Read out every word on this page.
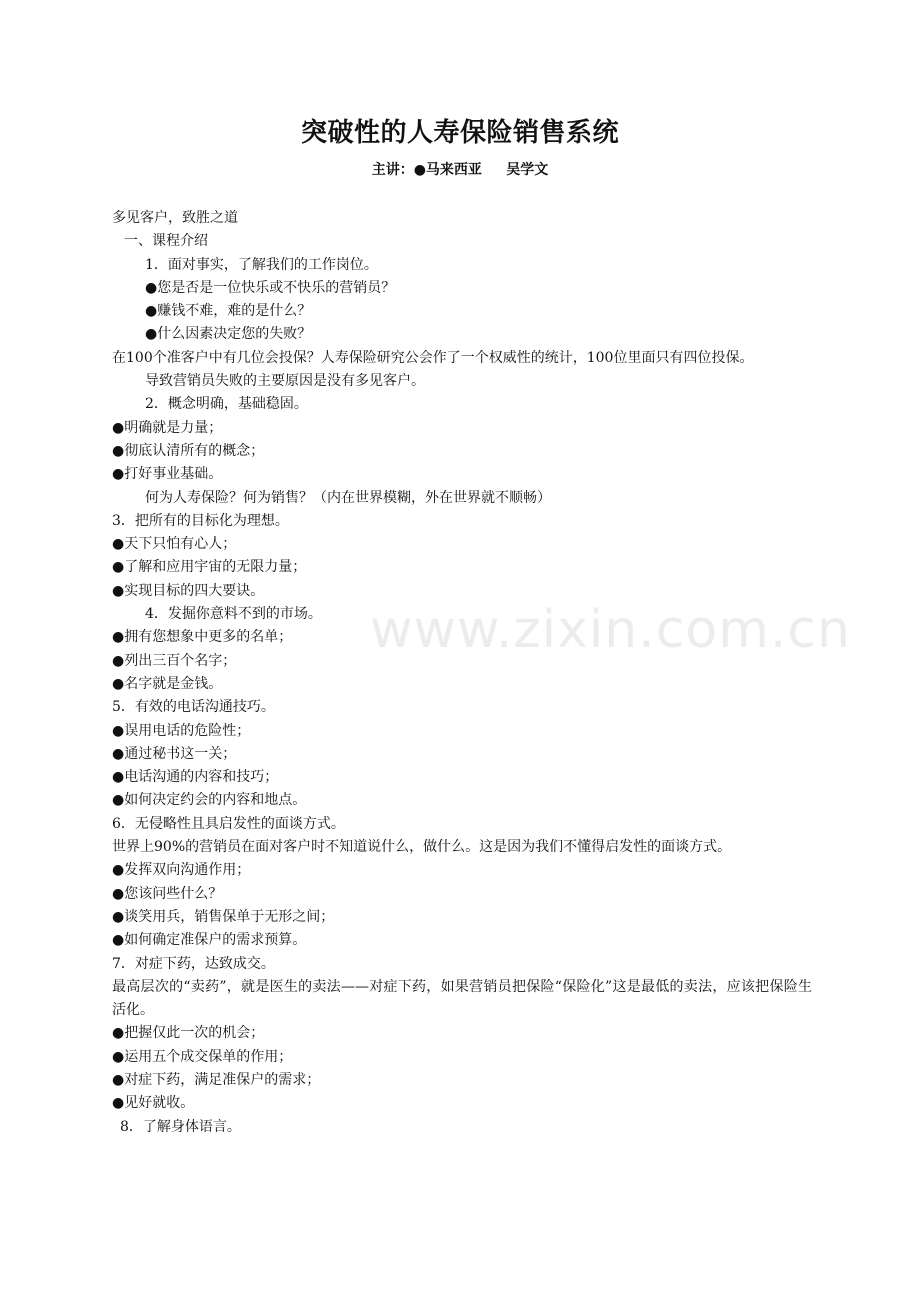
突破性的人寿保险销售系统
主讲：●马来西亚     吴学文
多见客户，致胜之道
一、课程介绍
1．面对事实，了解我们的工作岗位。
●您是否是一位快乐或不快乐的营销员？
●赚钱不难，难的是什么？
●什么因素决定您的失败？
在100个准客户中有几位会投保？人寿保险研究公会作了一个权威性的统计，100位里面只有四位投保。
导致营销员失败的主要原因是没有多见客户。
2．概念明确，基础稳固。
●明确就是力量；
●彻底认清所有的概念；
●打好事业基础。
何为人寿保险？何为销售？（内在世界模糊，外在世界就不顺畅）
3．把所有的目标化为理想。
●天下只怕有心人；
●了解和应用宇宙的无限力量；
●实现目标的四大要诀。
4．发掘你意料不到的市场。
●拥有您想象中更多的名单；
●列出三百个名字；
●名字就是金钱。
5．有效的电话沟通技巧。
●误用电话的危险性；
●通过秘书这一关；
●电话沟通的内容和技巧；
●如何决定约会的内容和地点。
6．无侵略性且具启发性的面谈方式。
世界上90%的营销员在面对客户时不知道说什么，做什么。这是因为我们不懂得启发性的面谈方式。
●发挥双向沟通作用；
●您该问些什么？
●谈笑用兵，销售保单于无形之间；
●如何确定准保户的需求预算。
7．对症下药，达致成交。
最高层次的“卖药”，就是医生的卖法——对症下药，如果营销员把保险“保险化”这是最低的卖法，应该把保险生活化。
●把握仅此一次的机会；
●运用五个成交保单的作用；
●对症下药，满足准保户的需求；
●见好就收。
8．了解身体语言。
www.zixin.com.cn
